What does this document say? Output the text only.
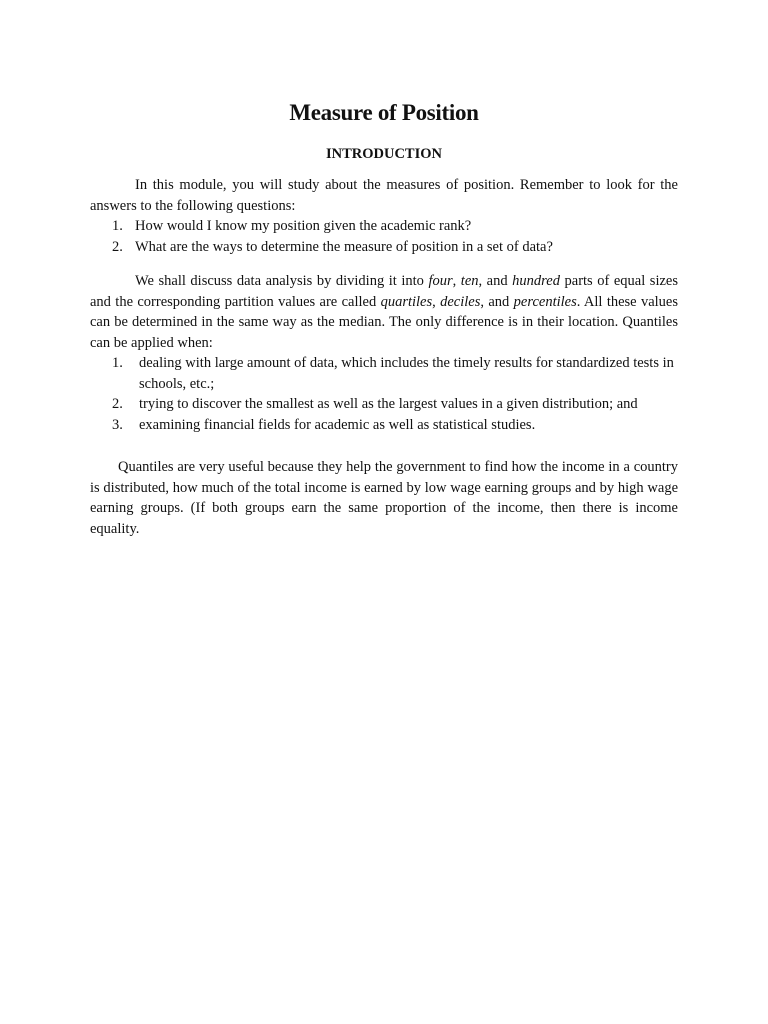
Measure of Position
INTRODUCTION

In this module, you will study about the measures of position. Remember to look for the answers to the following questions:

1. How would I know my position given the academic rank?
2. What are the ways to determine the measure of position in a set of data?

We shall discuss data analysis by dividing it into four, ten, and hundred parts of equal sizes and the corresponding partition values are called quartiles, deciles, and percentiles. All these values can be determined in the same way as the median. The only difference is in their location. Quantiles can be applied when:

1. dealing with large amount of data, which includes the timely results for standardized tests in schools, etc.;
2. trying to discover the smallest as well as the largest values in a given distribution; and
3. examining financial fields for academic as well as statistical studies.

Quantiles are very useful because they help the government to find how the income in a country is distributed, how much of the total income is earned by low wage earning groups and by high wage earning groups. (If both groups earn the same proportion of the income, then there is income equality.
